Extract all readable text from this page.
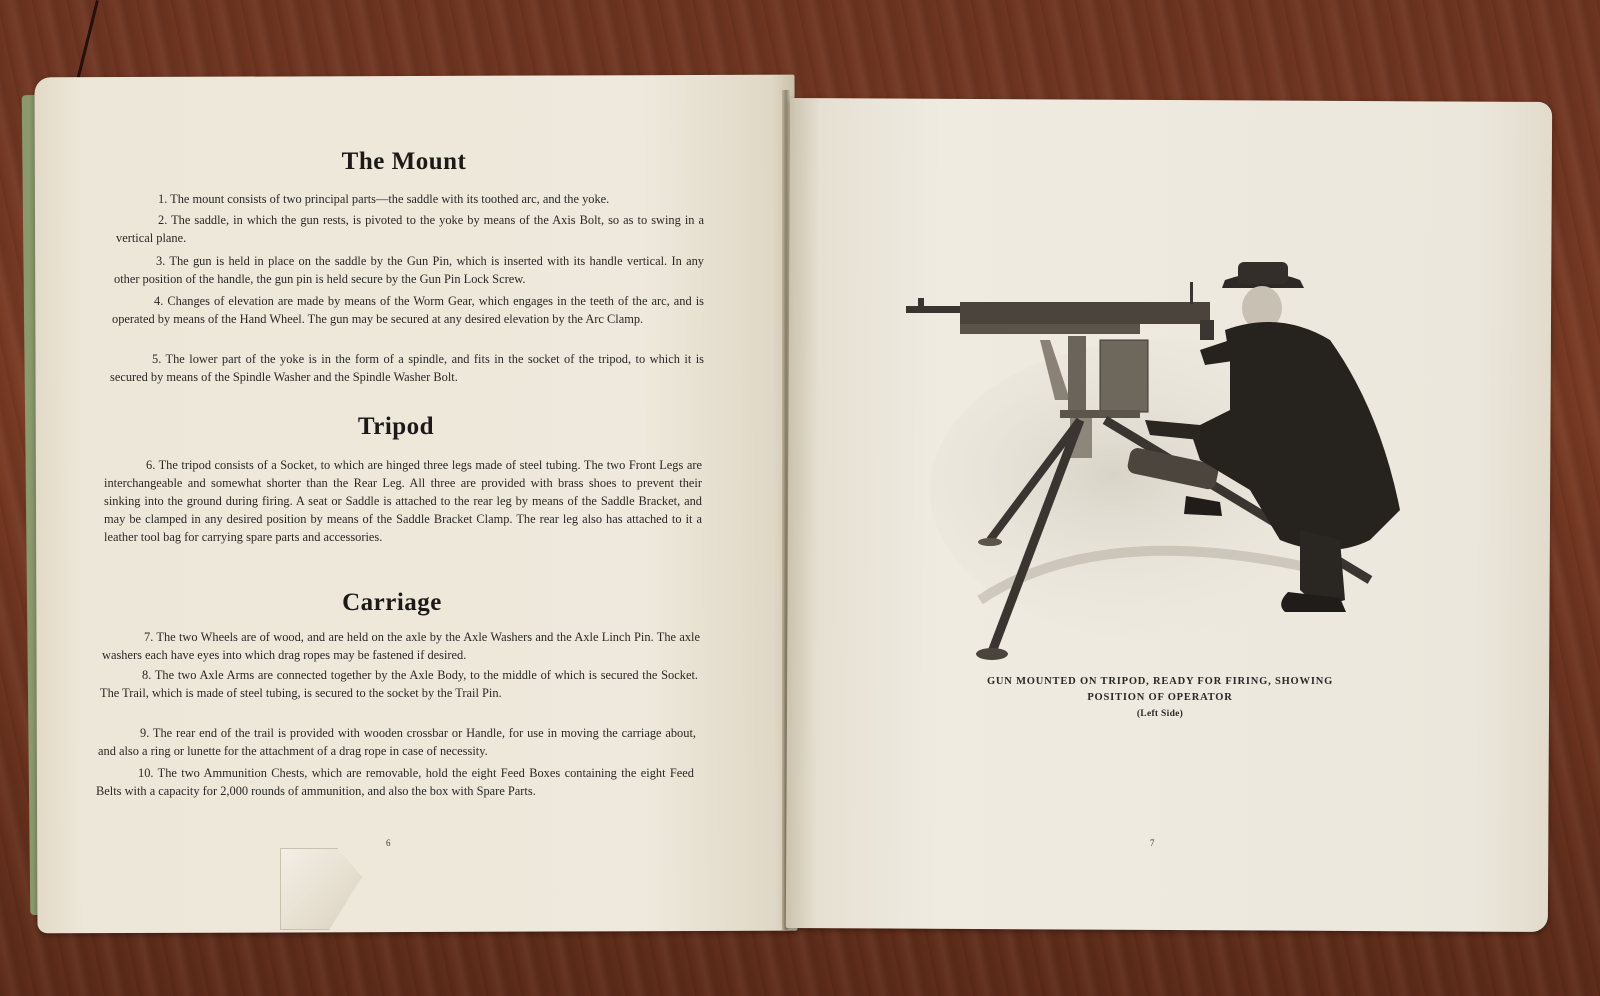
The Mount
1. The mount consists of two principal parts—the saddle with its toothed arc, and the yoke.
2. The saddle, in which the gun rests, is pivoted to the yoke by means of the Axis Bolt, so as to swing in a vertical plane.
3. The gun is held in place on the saddle by the Gun Pin, which is inserted with its handle vertical. In any other position of the handle, the gun pin is held secure by the Gun Pin Lock Screw.
4. Changes of elevation are made by means of the Worm Gear, which engages in the teeth of the arc, and is operated by means of the Hand Wheel. The gun may be secured at any desired elevation by the Arc Clamp.
5. The lower part of the yoke is in the form of a spindle, and fits in the socket of the tripod, to which it is secured by means of the Spindle Washer and the Spindle Washer Bolt.
Tripod
6. The tripod consists of a Socket, to which are hinged three legs made of steel tubing. The two Front Legs are interchangeable and somewhat shorter than the Rear Leg. All three are provided with brass shoes to prevent their sinking into the ground during firing. A seat or Saddle is attached to the rear leg by means of the Saddle Bracket, and may be clamped in any desired position by means of the Saddle Bracket Clamp. The rear leg also has attached to it a leather tool bag for carrying spare parts and accessories.
Carriage
7. The two Wheels are of wood, and are held on the axle by the Axle Washers and the Axle Linch Pin. The axle washers each have eyes into which drag ropes may be fastened if desired.
8. The two Axle Arms are connected together by the Axle Body, to the middle of which is secured the Socket. The Trail, which is made of steel tubing, is secured to the socket by the Trail Pin.
9. The rear end of the trail is provided with wooden crossbar or Handle, for use in moving the carriage about, and also a ring or lunette for the attachment of a drag rope in case of necessity.
10. The two Ammunition Chests, which are removable, hold the eight Feed Boxes containing the eight Feed Belts with a capacity for 2,000 rounds of ammunition, and also the box with Spare Parts.
6
GUN MOUNTED ON TRIPOD, READY FOR FIRING, SHOWING
POSITION OF OPERATOR
(Left Side)
7
